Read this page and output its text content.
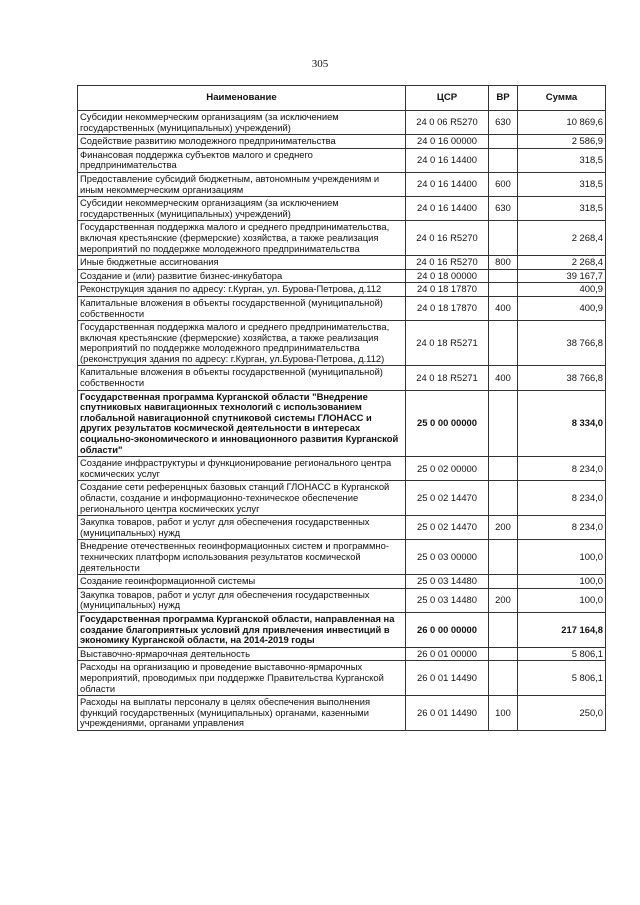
305
Наименование	ЦСР	ВР	Сумма
Субсидии некоммерческим организациям (за исключением государственных (муниципальных) учреждений)	24 0 06 R5270	630	10 869,6
Содействие развитию молодежного предпринимательства	24 0 16 00000		2 586,9
Финансовая поддержка субъектов малого и среднего предпринимательства	24 0 16 14400		318,5
Предоставление субсидий бюджетным, автономным учреждениям и иным некоммерческим организациям	24 0 16 14400	600	318,5
Субсидии некоммерческим организациям (за исключением государственных (муниципальных) учреждений)	24 0 16 14400	630	318,5
Государственная поддержка малого и среднего предпринимательства, включая крестьянские (фермерские) хозяйства, а также реализация мероприятий по поддержке молодежного предпринимательства	24 0 16 R5270		2 268,4
Иные бюджетные ассигнования	24 0 16 R5270	800	2 268,4
Создание и (или) развитие бизнес-инкубатора	24 0 18 00000		39 167,7
Реконструкция здания по адресу: г.Курган, ул. Бурова-Петрова, д.112	24 0 18 17870		400,9
Капитальные вложения в объекты государственной (муниципальной) собственности	24 0 18 17870	400	400,9
Государственная поддержка малого и среднего предпринимательства, включая крестьянские (фермерские) хозяйства, а также реализация мероприятий по поддержке молодежного предпринимательства (реконструкция здания по адресу: г.Курган, ул.Бурова-Петрова, д.112)	24 0 18 R5271		38 766,8
Капитальные вложения в объекты государственной (муниципальной) собственности	24 0 18 R5271	400	38 766,8
Государственная программа Курганской области "Внедрение спутниковых навигационных технологий с использованием глобальной навигационной спутниковой системы ГЛОНАСС и других результатов космической деятельности в интересах социально-экономического и инновационного развития Курганской области"	25 0 00 00000		8 334,0
Создание инфраструктуры и функционирование регионального центра космических услуг	25 0 02 00000		8 234,0
Создание сети референцных базовых станций ГЛОНАСС в Курганской области, создание и информационно-техническое обеспечение регионального центра космических услуг	25 0 02 14470		8 234,0
Закупка товаров, работ и услуг для обеспечения государственных (муниципальных) нужд	25 0 02 14470	200	8 234,0
Внедрение отечественных геоинформационных систем и программно-технических платформ использования результатов космической деятельности	25 0 03 00000		100,0
Создание геоинформационной системы	25 0 03 14480		100,0
Закупка товаров, работ и услуг для обеспечения государственных (муниципальных) нужд	25 0 03 14480	200	100,0
Государственная программа Курганской области, направленная на создание благоприятных условий для привлечения инвестиций в экономику Курганской области, на 2014-2019 годы	26 0 00 00000		217 164,8
Выставочно-ярмарочная деятельность	26 0 01 00000		5 806,1
Расходы на организацию и проведение выставочно-ярмарочных мероприятий, проводимых при поддержке Правительства Курганской области	26 0 01 14490		5 806,1
Расходы на выплаты персоналу в целях обеспечения выполнения функций государственных (муниципальных) органами, казенными учреждениями, органами управления	26 0 01 14490	100	250,0
